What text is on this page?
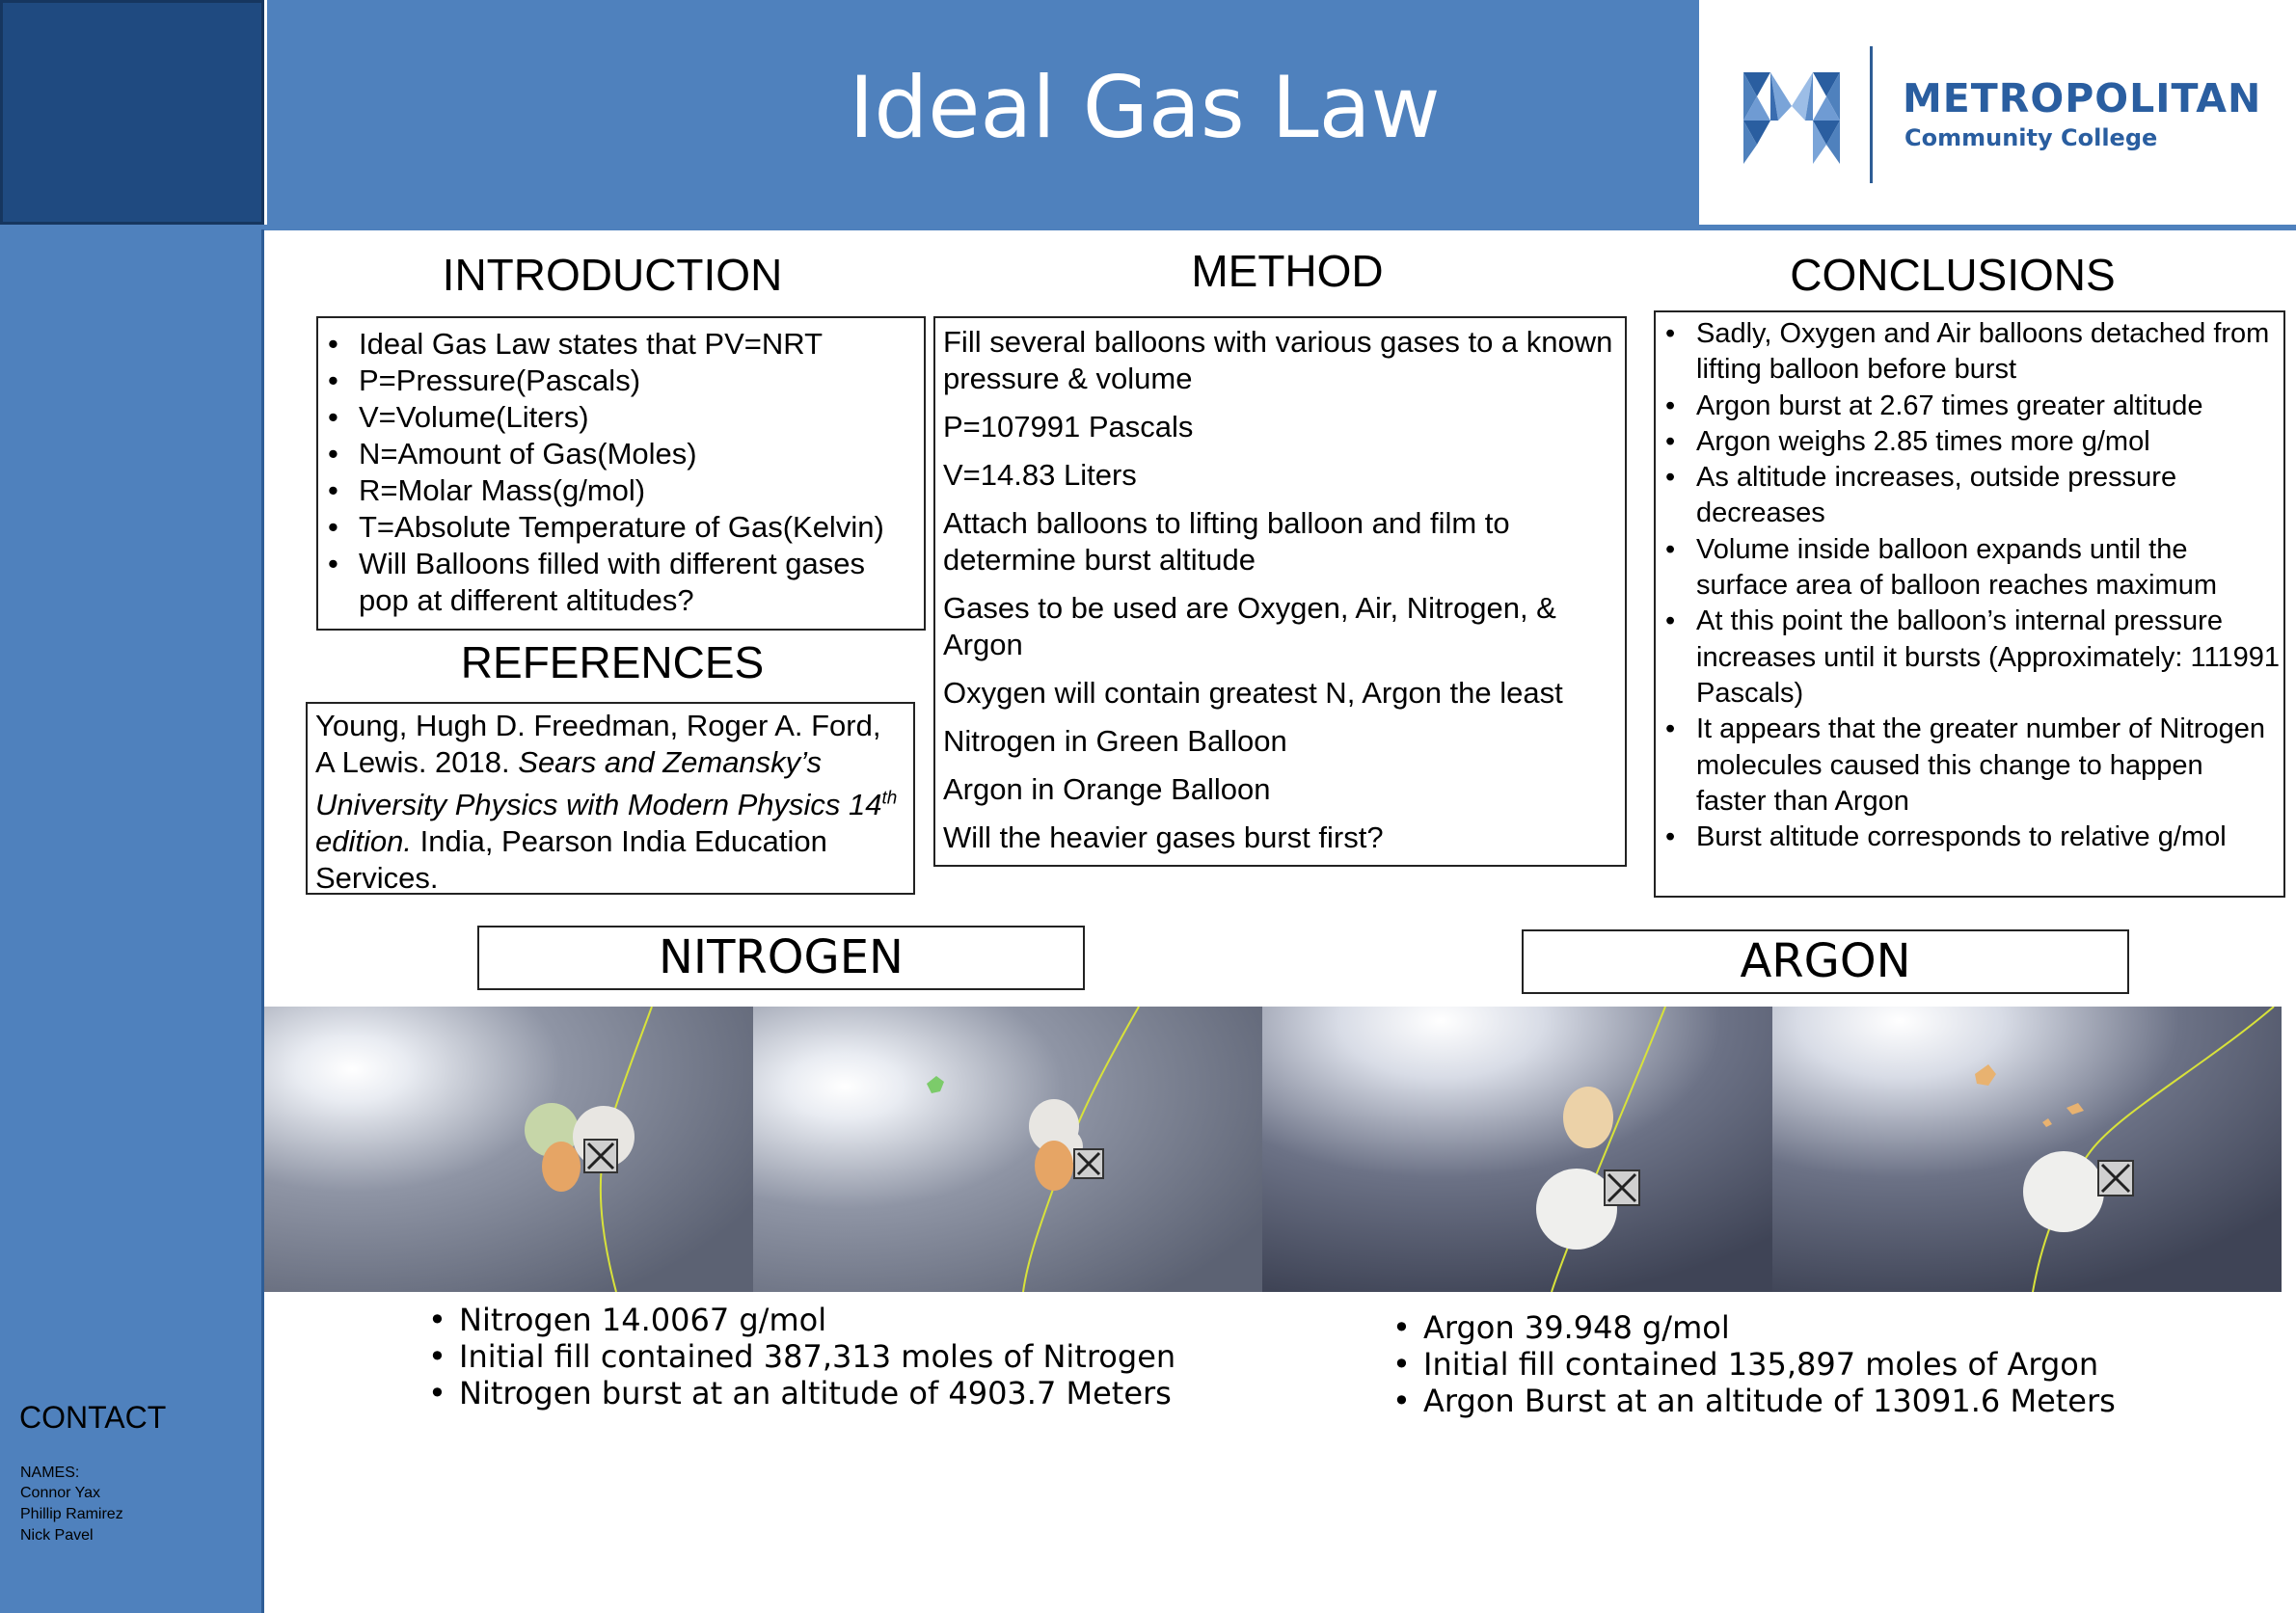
Ideal Gas Law	METROPOLITAN
Community College
INTRODUCTION
• Ideal Gas Law states that PV=NRT
• P=Pressure(Pascals)
• V=Volume(Liters)
• N=Amount of Gas(Moles)
• R=Molar Mass(g/mol)
• T=Absolute Temperature of Gas(Kelvin)
• Will Balloons filled with different gases pop at different altitudes?
REFERENCES
Young, Hugh D. Freedman, Roger A. Ford, A Lewis. 2018. Sears and Zemansky’s University Physics with Modern Physics 14th edition. India, Pearson India Education Services.
METHOD

Fill several balloons with various gases to a known pressure & volume

P=107991 Pascals

V=14.83 Liters

Attach balloons to lifting balloon and film to determine burst altitude

Gases to be used are Oxygen, Air, Nitrogen, & Argon

Oxygen will contain greatest N, Argon the least

Nitrogen in Green Balloon

Argon in Orange Balloon

Will the heavier gases burst first?

CONCLUSIONS
• Sadly, Oxygen and Air balloons detached from lifting balloon before burst
• Argon burst at 2.67 times greater altitude
• Argon weighs 2.85 times more g/mol
• As altitude increases, outside pressure decreases
• Volume inside balloon expands until the surface area of balloon reaches maximum
• At this point the balloon’s internal pressure increases until it bursts (Approximately: 111991 Pascals)
• It appears that the greater number of Nitrogen molecules caused this change to happen faster than Argon
• Burst altitude corresponds to relative g/mol
NITROGEN	ARGON
• Nitrogen 14.0067 g/mol
• Initial fill contained 387,313 moles of Nitrogen
• Nitrogen burst at an altitude of 4903.7 Meters
• Argon 39.948 g/mol
• Initial fill contained 135,897 moles of Argon
• Argon Burst at an altitude of 13091.6 Meters
CONTACT
NAMES:
Connor Yax
Phillip Ramirez
Nick Pavel
